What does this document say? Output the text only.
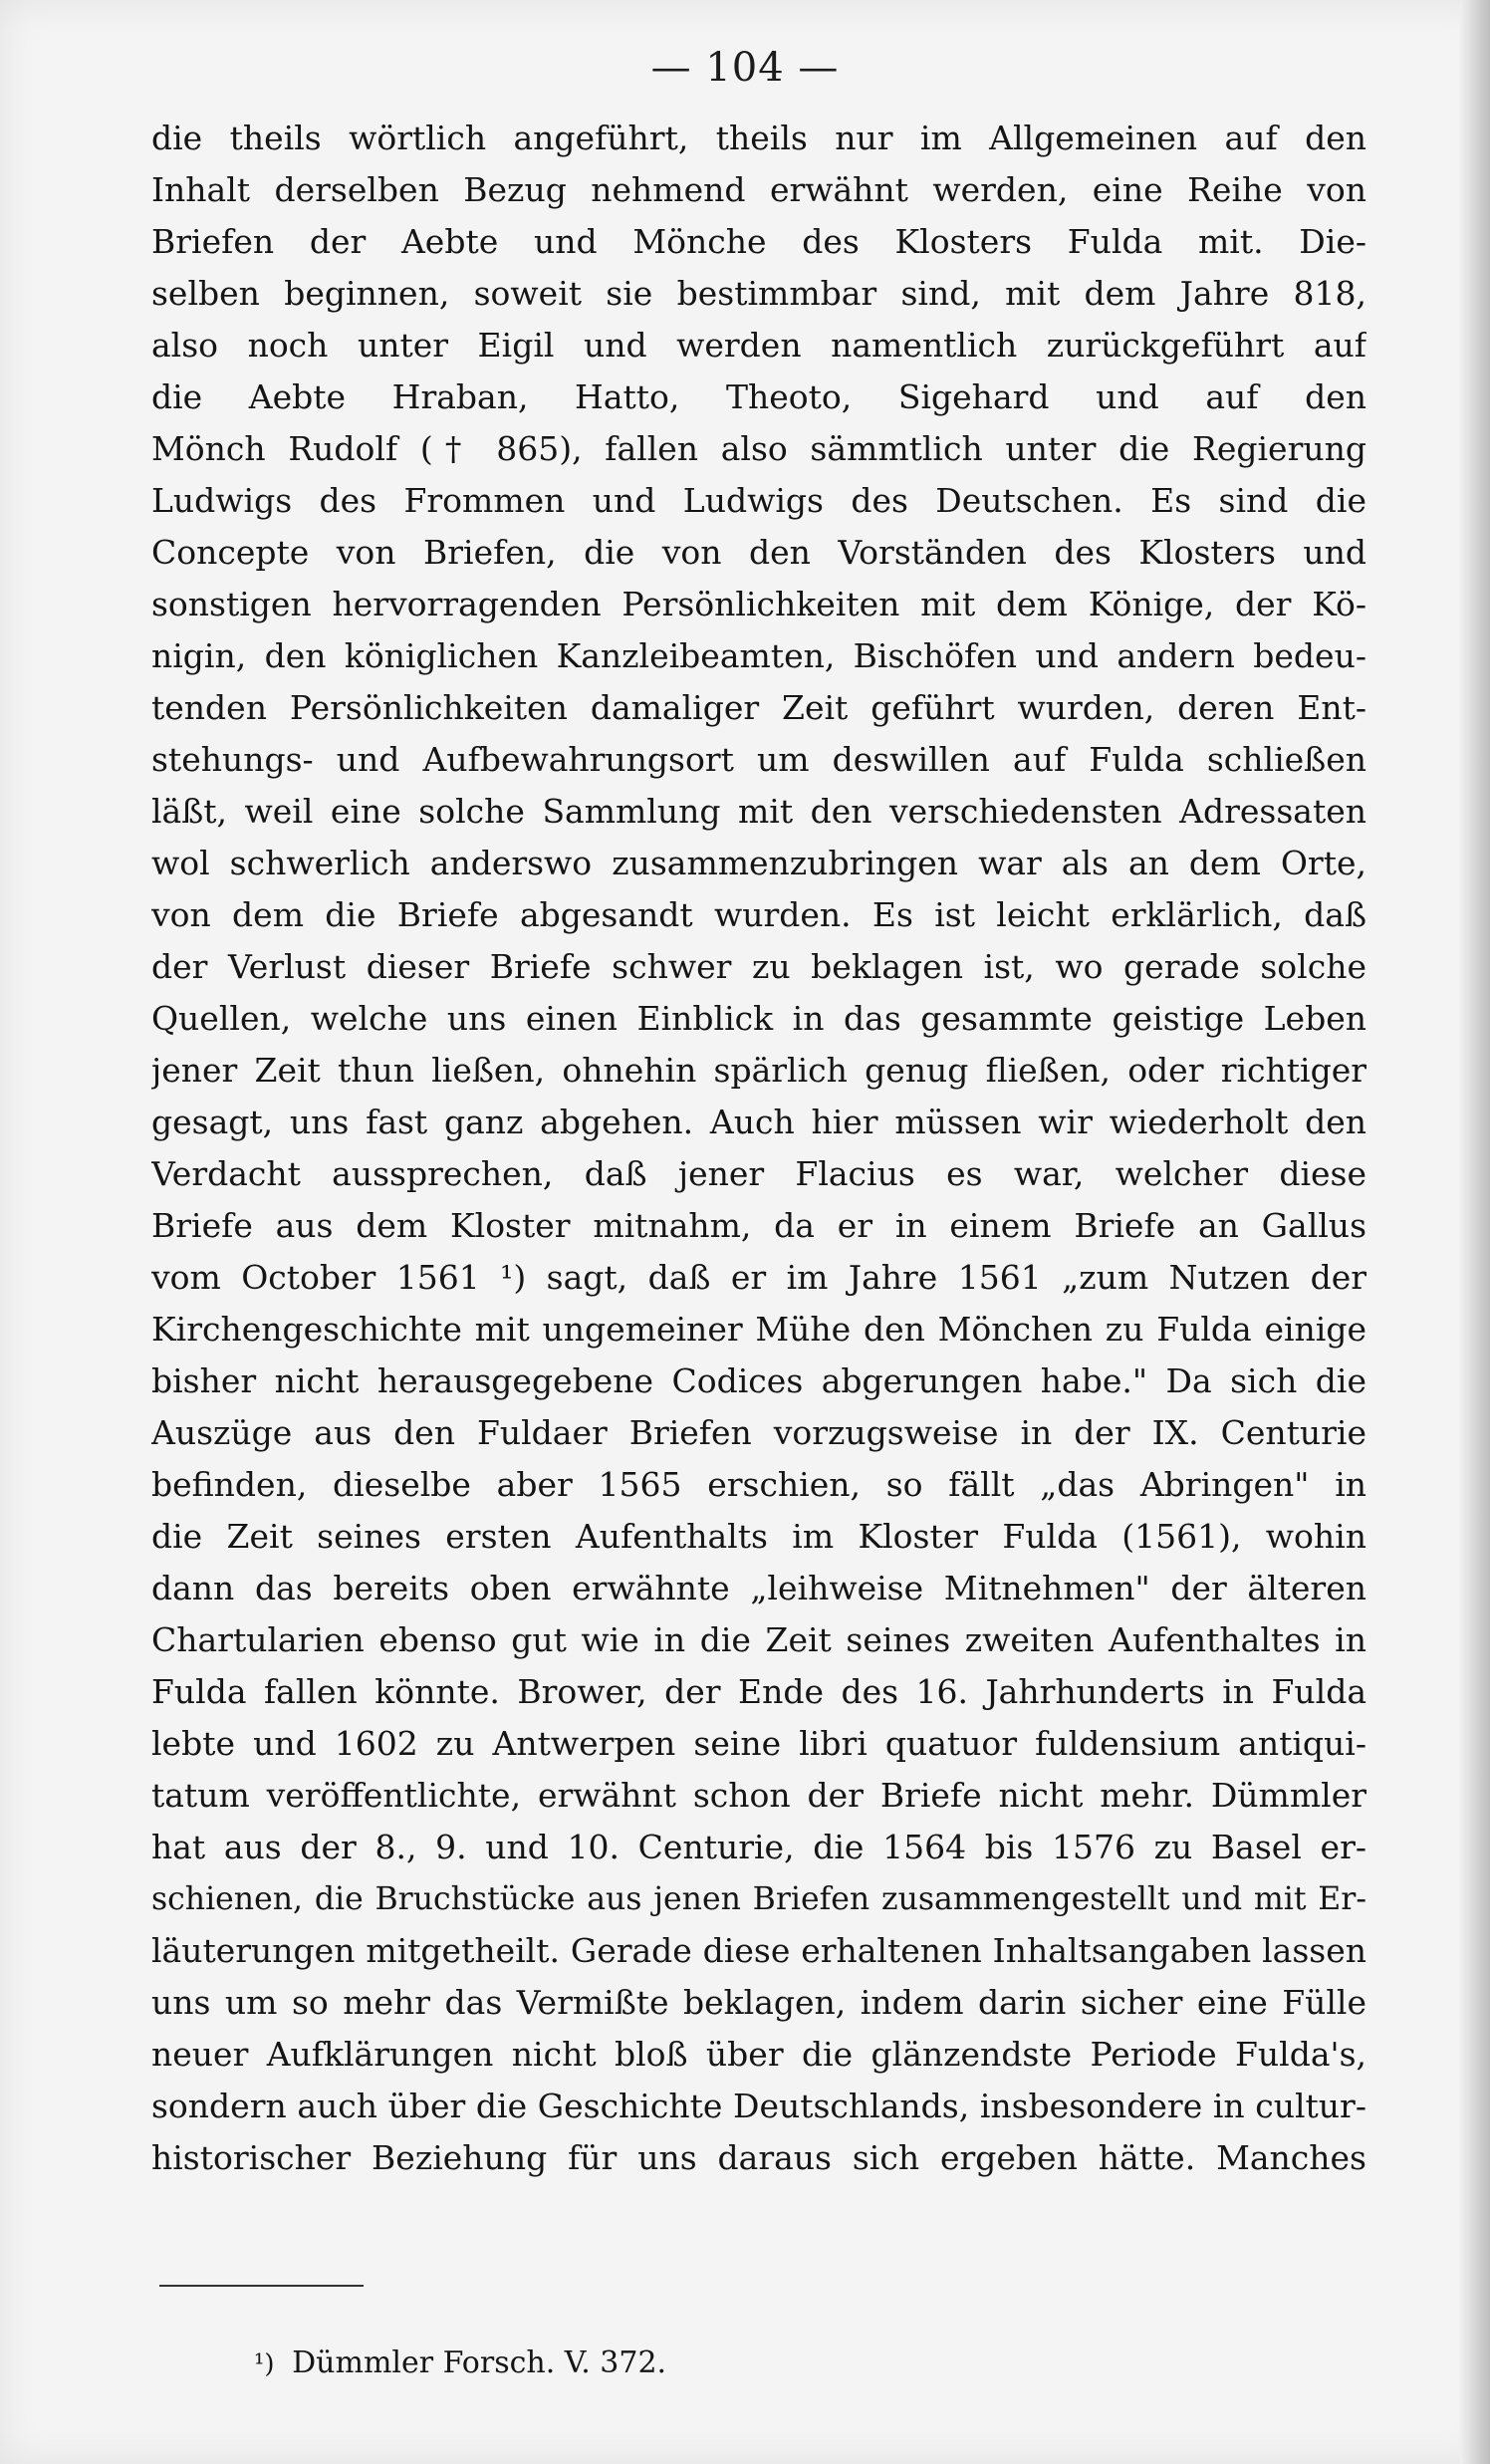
— 104 —
die theils wörtlich angeführt, theils nur im Allgemeinen auf den
Inhalt derselben Bezug nehmend erwähnt werden, eine Reihe von
Briefen der Aebte und Mönche des Klosters Fulda mit. Die-
selben beginnen, soweit sie bestimmbar sind, mit dem Jahre 818,
also noch unter Eigil und werden namentlich zurückgeführt auf
die Aebte Hraban, Hatto, Theoto, Sigehard und auf den
Mönch Rudolf († 865), fallen also sämmtlich unter die Regierung
Ludwigs des Frommen und Ludwigs des Deutschen. Es sind die
Concepte von Briefen, die von den Vorständen des Klosters und
sonstigen hervorragenden Persönlichkeiten mit dem Könige, der Kö-
nigin, den königlichen Kanzleibeamten, Bischöfen und andern bedeu-
tenden Persönlichkeiten damaliger Zeit geführt wurden, deren Ent-
stehungs- und Aufbewahrungsort um deswillen auf Fulda schließen
läßt, weil eine solche Sammlung mit den verschiedensten Adressaten
wol schwerlich anderswo zusammenzubringen war als an dem Orte,
von dem die Briefe abgesandt wurden. Es ist leicht erklärlich, daß
der Verlust dieser Briefe schwer zu beklagen ist, wo gerade solche
Quellen, welche uns einen Einblick in das gesammte geistige Leben
jener Zeit thun ließen, ohnehin spärlich genug fließen, oder richtiger
gesagt, uns fast ganz abgehen. Auch hier müssen wir wiederholt den
Verdacht aussprechen, daß jener Flacius es war, welcher diese
Briefe aus dem Kloster mitnahm, da er in einem Briefe an Gallus
vom October 1561 ¹) sagt, daß er im Jahre 1561 „zum Nutzen der
Kirchengeschichte mit ungemeiner Mühe den Mönchen zu Fulda einige
bisher nicht herausgegebene Codices abgerungen habe." Da sich die
Auszüge aus den Fuldaer Briefen vorzugsweise in der IX. Centurie
befinden, dieselbe aber 1565 erschien, so fällt „das Abringen" in
die Zeit seines ersten Aufenthalts im Kloster Fulda (1561), wohin
dann das bereits oben erwähnte „leihweise Mitnehmen" der älteren
Chartularien ebenso gut wie in die Zeit seines zweiten Aufenthaltes in
Fulda fallen könnte. Brower, der Ende des 16. Jahrhunderts in Fulda
lebte und 1602 zu Antwerpen seine libri quatuor fuldensium antiqui-
tatum veröffentlichte, erwähnt schon der Briefe nicht mehr. Dümmler
hat aus der 8., 9. und 10. Centurie, die 1564 bis 1576 zu Basel er-
schienen, die Bruchstücke aus jenen Briefen zusammengestellt und mit Er-
läuterungen mitgetheilt. Gerade diese erhaltenen Inhaltsangaben lassen
uns um so mehr das Vermißte beklagen, indem darin sicher eine Fülle
neuer Aufklärungen nicht bloß über die glänzendste Periode Fulda's,
sondern auch über die Geschichte Deutschlands, insbesondere in cultur-
historischer Beziehung für uns daraus sich ergeben hätte. Manches
¹) Dümmler Forsch. V. 372.
